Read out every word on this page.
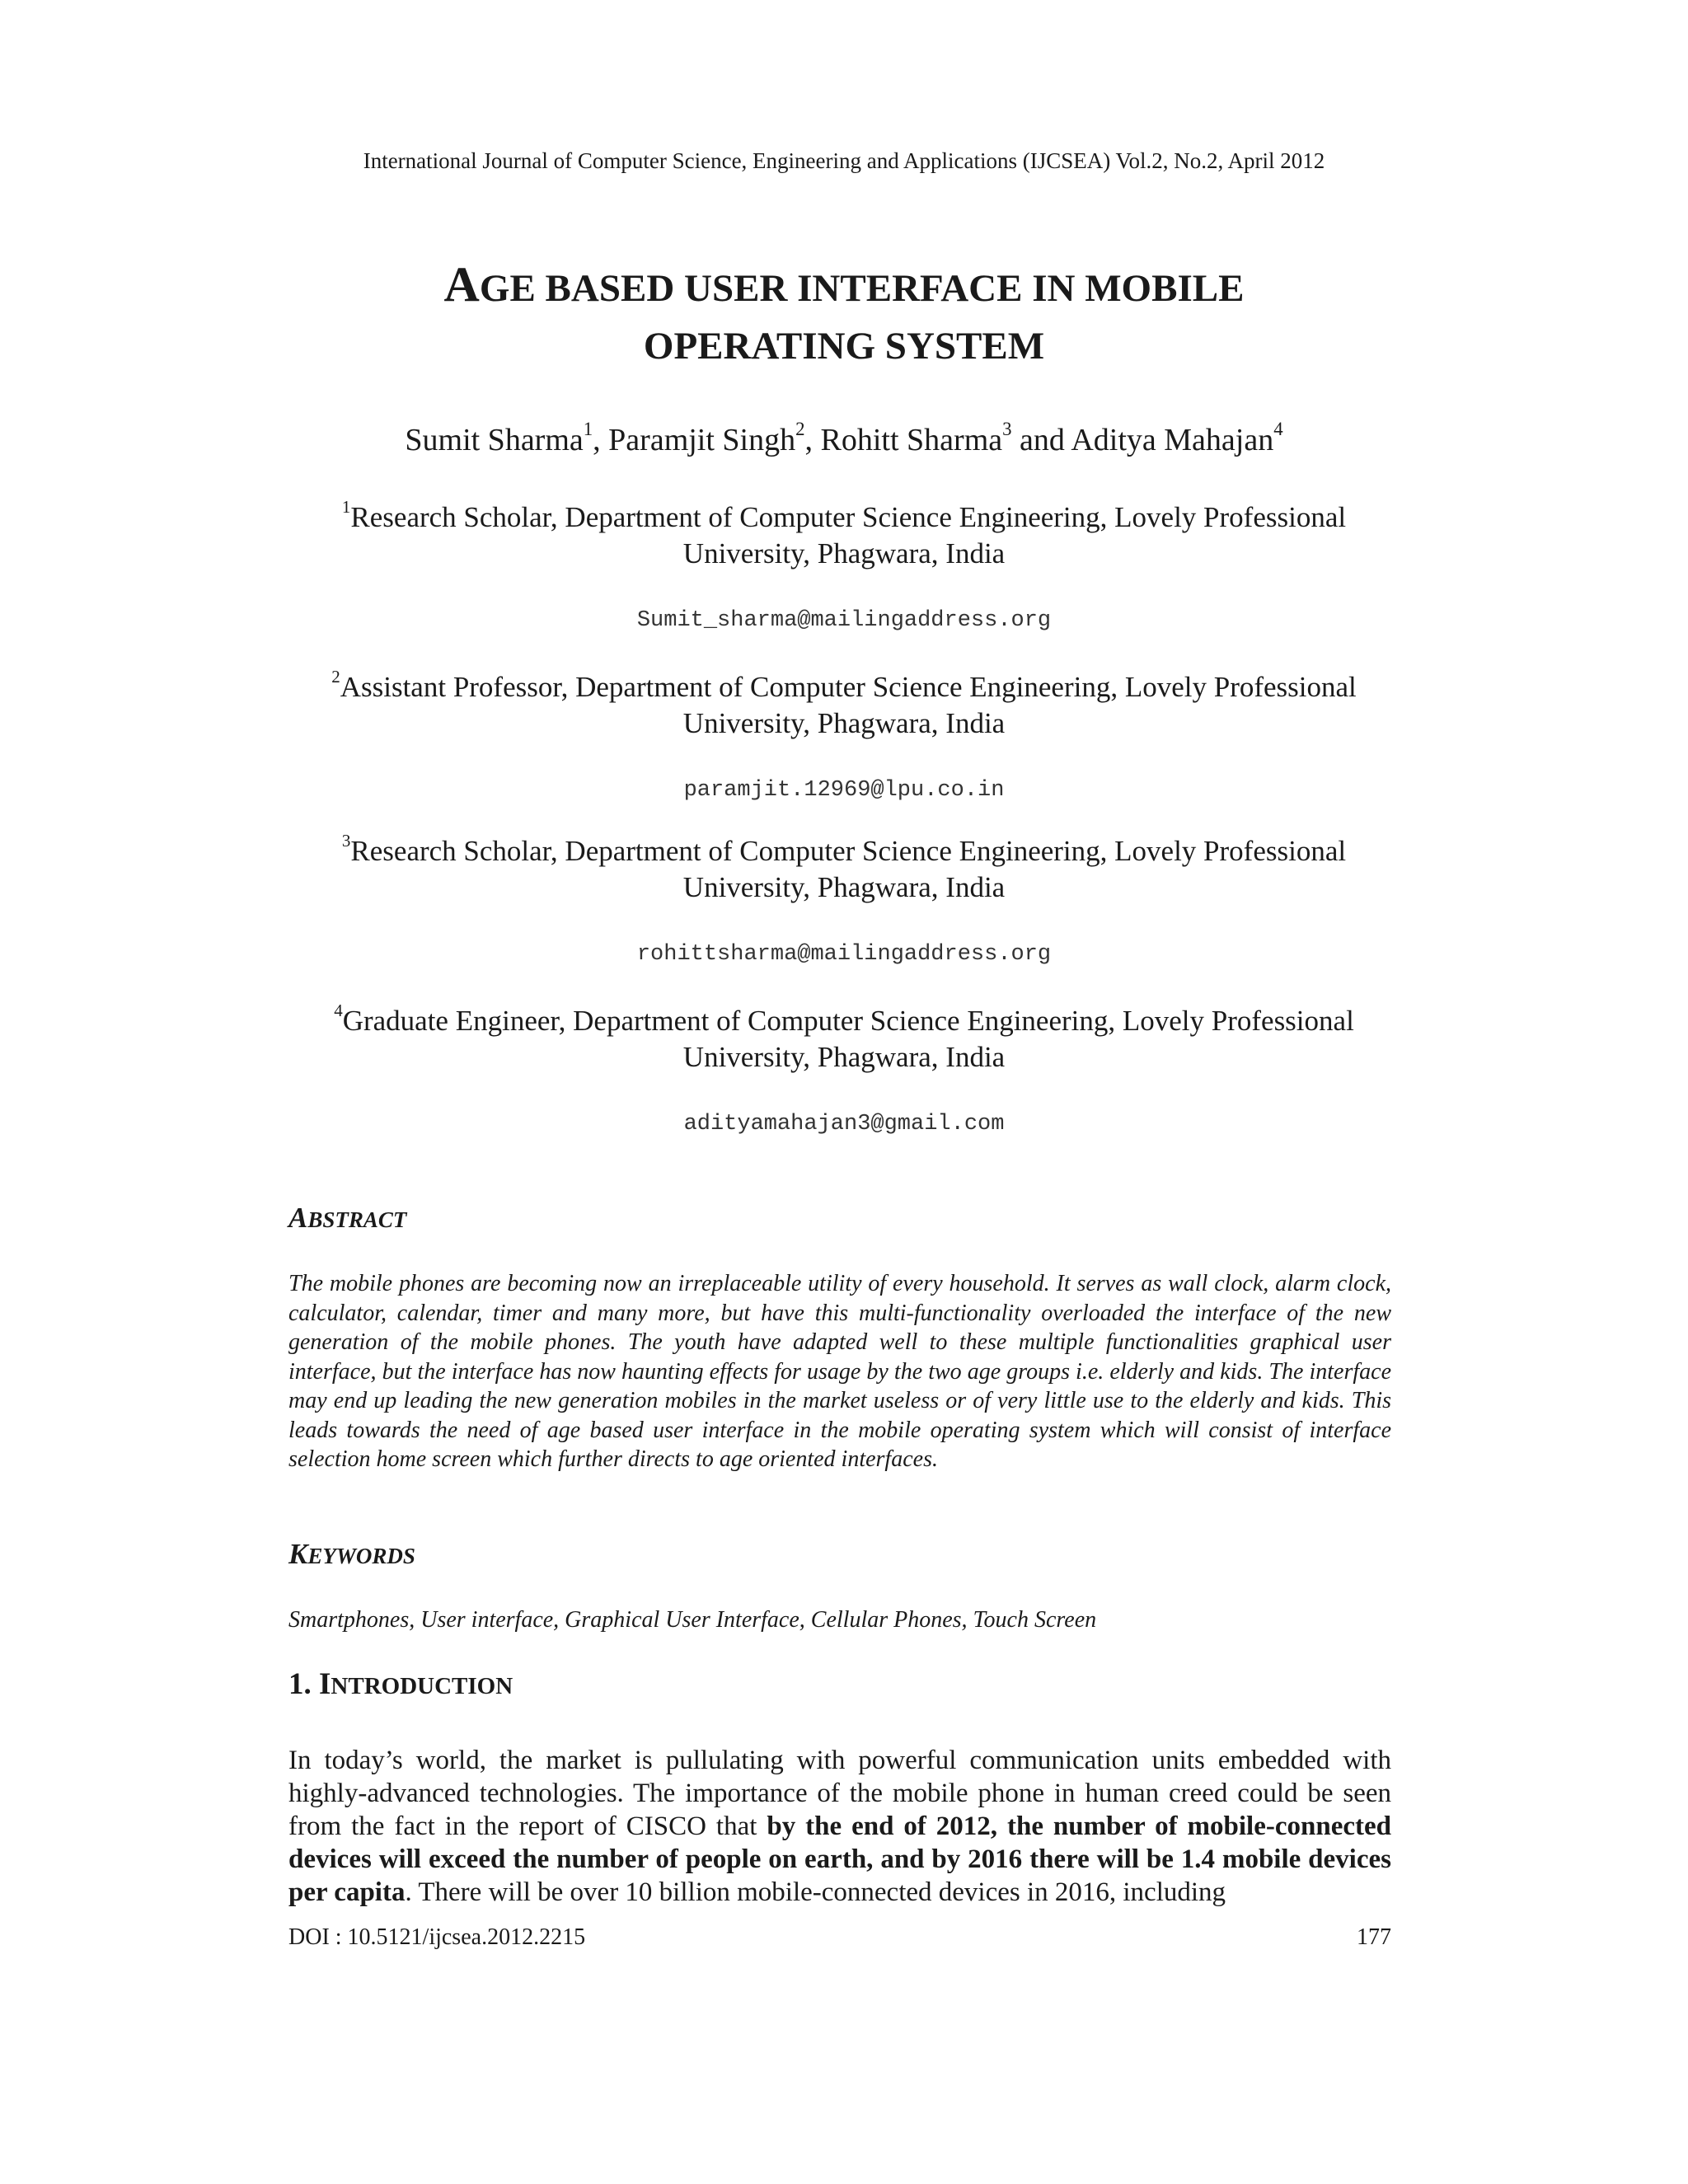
International Journal of Computer Science, Engineering and Applications (IJCSEA) Vol.2, No.2, April 2012
AGE BASED USER INTERFACE IN MOBILE
OPERATING SYSTEM
Sumit Sharma$^1$, Paramjit Singh$^2$, Rohitt Sharma$^3$ and Aditya Mahajan$^4$
$^1$Research Scholar, Department of Computer Science Engineering, Lovely Professional
University, Phagwara, India
Sumit_sharma@mailingaddress.org
$^2$Assistant Professor, Department of Computer Science Engineering, Lovely Professional
University, Phagwara, India
paramjit.12969@lpu.co.in
$^3$Research Scholar, Department of Computer Science Engineering, Lovely Professional
University, Phagwara, India
rohittsharma@mailingaddress.org
$^4$Graduate Engineer, Department of Computer Science Engineering, Lovely Professional
University, Phagwara, India
adityamahajan3@gmail.com
ABSTRACT
The mobile phones are becoming now an irreplaceable utility of every household. It serves as wall clock, alarm clock, calculator, calendar, timer and many more, but have this multi-functionality overloaded the interface of the new generation of the mobile phones. The youth have adapted well to these multiple functionalities graphical user interface, but the interface has now haunting effects for usage by the two age groups i.e. elderly and kids. The interface may end up leading the new generation mobiles in the market useless or of very little use to the elderly and kids. This leads towards the need of age based user interface in the mobile operating system which will consist of interface selection home screen which further directs to age oriented interfaces.
KEYWORDS
Smartphones, User interface, Graphical User Interface, Cellular Phones, Touch Screen
1. INTRODUCTION
In today’s world, the market is pullulating with powerful communication units embedded with highly-advanced technologies. The importance of the mobile phone in human creed could be seen from the fact in the report of CISCO that by the end of 2012, the number of mobile-connected devices will exceed the number of people on earth, and by 2016 there will be 1.4 mobile devices per capita. There will be over 10 billion mobile-connected devices in 2016, including
DOI : 10.5121/ijcsea.2012.2215	177
